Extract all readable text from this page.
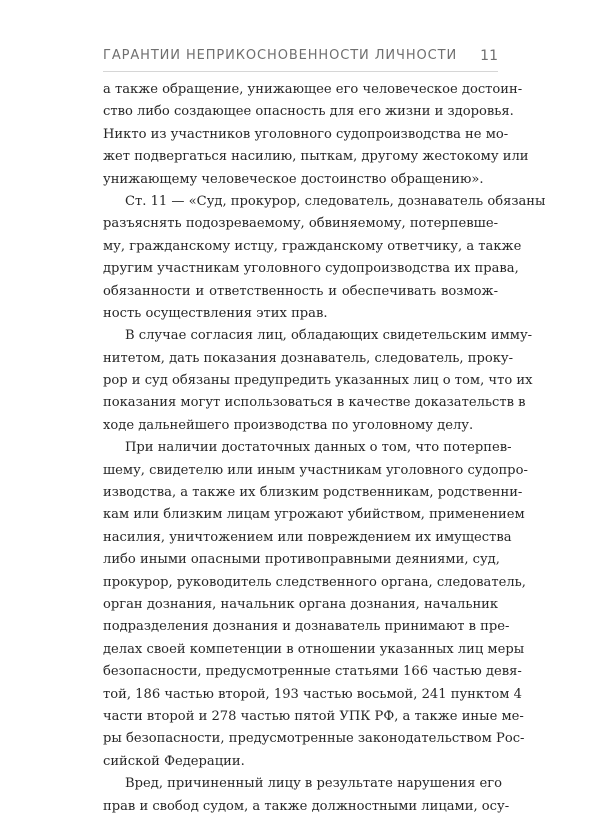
ГАРАНТИИ НЕПРИКОСНОВЕННОСТИ ЛИЧНОСТИ 11
а также обращение, унижающее его человеческое достоин-
ство либо создающее опасность для его жизни и здоровья.
Никто из участников уголовного судопроизводства не мо-
жет подвергаться насилию, пыткам, другому жестокому или
унижающему человеческое достоинство обращению».
Ст. 11 — «Суд, прокурор, следователь, дознаватель обязаны
разъяснять подозреваемому, обвиняемому, потерпевше-
му, гражданскому истцу, гражданскому ответчику, а также
другим участникам уголовного судопроизводства их права,
обязанности и ответственность и обеспечивать возмож-
ность осуществления этих прав.
В случае согласия лиц, обладающих свидетельским имму-
нитетом, дать показания дознаватель, следователь, проку-
рор и суд обязаны предупредить указанных лиц о том, что их
показания могут использоваться в качестве доказательств в
ходе дальнейшего производства по уголовному делу.
При наличии достаточных данных о том, что потерпев-
шему, свидетелю или иным участникам уголовного судопро-
изводства, а также их близким родственникам, родственни-
кам или близким лицам угрожают убийством, применением
насилия, уничтожением или повреждением их имущества
либо иными опасными противоправными деяниями, суд,
прокурор, руководитель следственного органа, следователь,
орган дознания, начальник органа дознания, начальник
подразделения дознания и дознаватель принимают в пре-
делах своей компетенции в отношении указанных лиц меры
безопасности, предусмотренные статьями 166 частью девя-
той, 186 частью второй, 193 частью восьмой, 241 пунктом 4
части второй и 278 частью пятой УПК РФ, а также иные ме-
ры безопасности, предусмотренные законодательством Рос-
сийской Федерации.
Вред, причиненный лицу в результате нарушения его
прав и свобод судом, а также должностными лицами, осу-
